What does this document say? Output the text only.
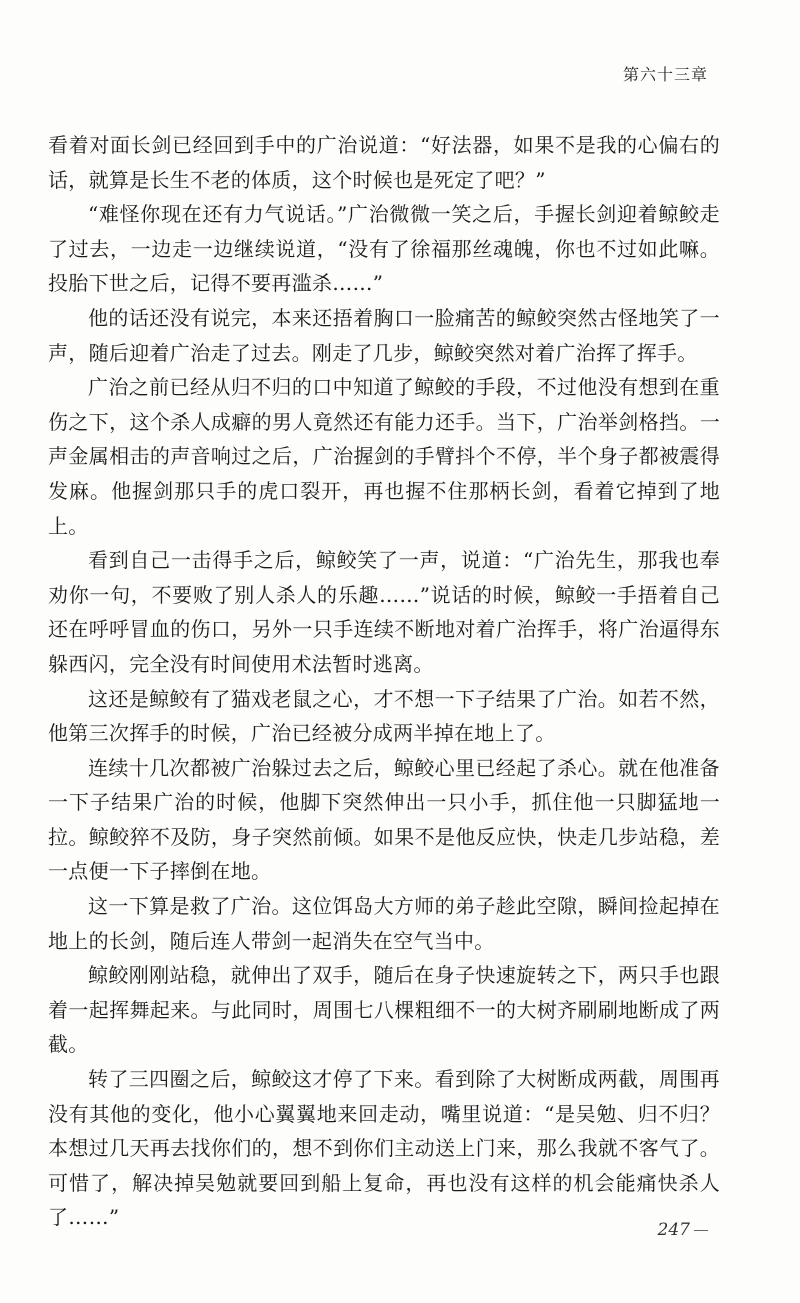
第六十三章

看着对面长剑已经回到手中的广治说道：“好法器，如果不是我的心偏右的话，就算是长生不老的体质，这个时候也是死定了吧？”

“难怪你现在还有力气说话。”广治微微一笑之后，手握长剑迎着鲸鲛走了过去，一边走一边继续说道，“没有了徐福那丝魂魄，你也不过如此嘛。投胎下世之后，记得不要再滥杀……”

他的话还没有说完，本来还捂着胸口一脸痛苦的鲸鲛突然古怪地笑了一声，随后迎着广治走了过去。刚走了几步，鲸鲛突然对着广治挥了挥手。

广治之前已经从归不归的口中知道了鲸鲛的手段，不过他没有想到在重伤之下，这个杀人成癖的男人竟然还有能力还手。当下，广治举剑格挡。一声金属相击的声音响过之后，广治握剑的手臂抖个不停，半个身子都被震得发麻。他握剑那只手的虎口裂开，再也握不住那柄长剑，看着它掉到了地上。

看到自己一击得手之后，鲸鲛笑了一声，说道：“广治先生，那我也奉劝你一句，不要败了别人杀人的乐趣……”说话的时候，鲸鲛一手捂着自己还在呼呼冒血的伤口，另外一只手连续不断地对着广治挥手，将广治逼得东躲西闪，完全没有时间使用术法暂时逃离。

这还是鲸鲛有了猫戏老鼠之心，才不想一下子结果了广治。如若不然，他第三次挥手的时候，广治已经被分成两半掉在地上了。

连续十几次都被广治躲过去之后，鲸鲛心里已经起了杀心。就在他准备一下子结果广治的时候，他脚下突然伸出一只小手，抓住他一只脚猛地一拉。鲸鲛猝不及防，身子突然前倾。如果不是他反应快，快走几步站稳，差一点便一下子摔倒在地。

这一下算是救了广治。这位饵岛大方师的弟子趁此空隙，瞬间捡起掉在地上的长剑，随后连人带剑一起消失在空气当中。

鲸鲛刚刚站稳，就伸出了双手，随后在身子快速旋转之下，两只手也跟着一起挥舞起来。与此同时，周围七八棵粗细不一的大树齐刷刷地断成了两截。

转了三四圈之后，鲸鲛这才停了下来。看到除了大树断成两截，周围再没有其他的变化，他小心翼翼地来回走动，嘴里说道：“是吴勉、归不归？本想过几天再去找你们的，想不到你们主动送上门来，那么我就不客气了。可惜了，解决掉吴勉就要回到船上复命，再也没有这样的机会能痛快杀人了……”

247
